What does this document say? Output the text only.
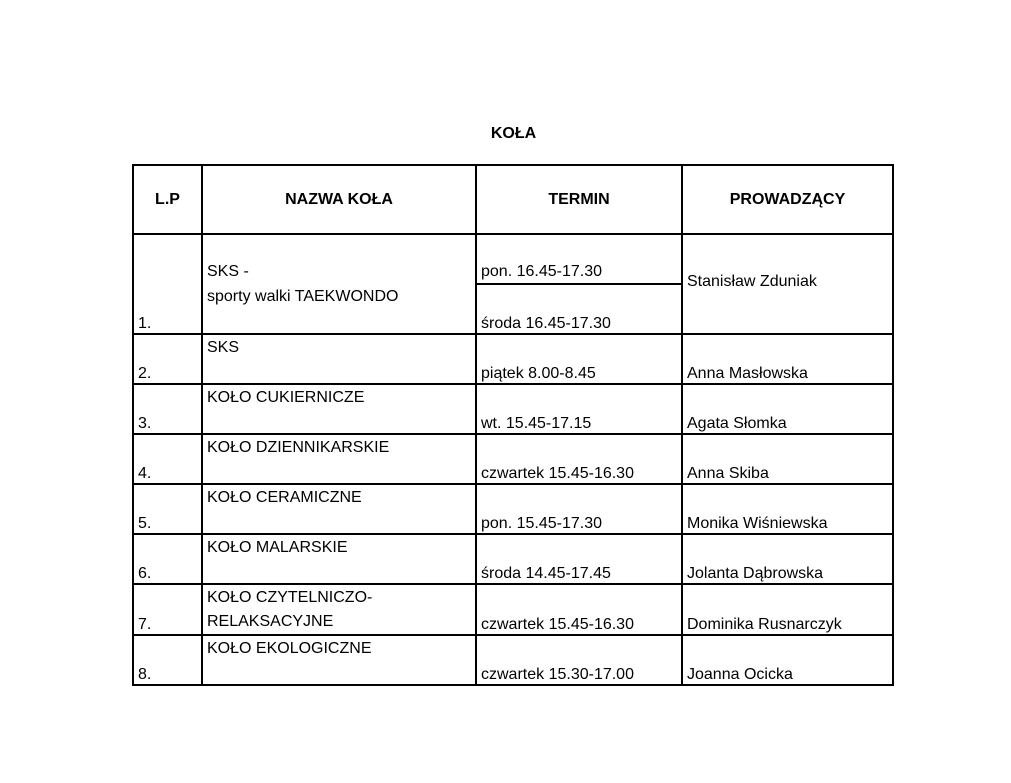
KOŁA
L.P	NAZWA KOŁA	TERMIN	PROWADZĄCY
1.	SKS -
sporty walki TAEKWONDO	pon. 16.45-17.30	Stanisław Zduniak
		środa 16.45-17.30	
2.	SKS	piątek 8.00-8.45	Anna Masłowska
3.	KOŁO CUKIERNICZE	wt. 15.45-17.15	Agata Słomka
4.	KOŁO DZIENNIKARSKIE	czwartek 15.45-16.30	Anna Skiba
5.	KOŁO CERAMICZNE	pon. 15.45-17.30	Monika Wiśniewska
6.	KOŁO MALARSKIE	środa 14.45-17.45	Jolanta Dąbrowska
7.	KOŁO CZYTELNICZO-
RELAKSACYJNE	czwartek 15.45-16.30	Dominika Rusnarczyk
8.	KOŁO EKOLOGICZNE	czwartek 15.30-17.00	Joanna Ocicka
